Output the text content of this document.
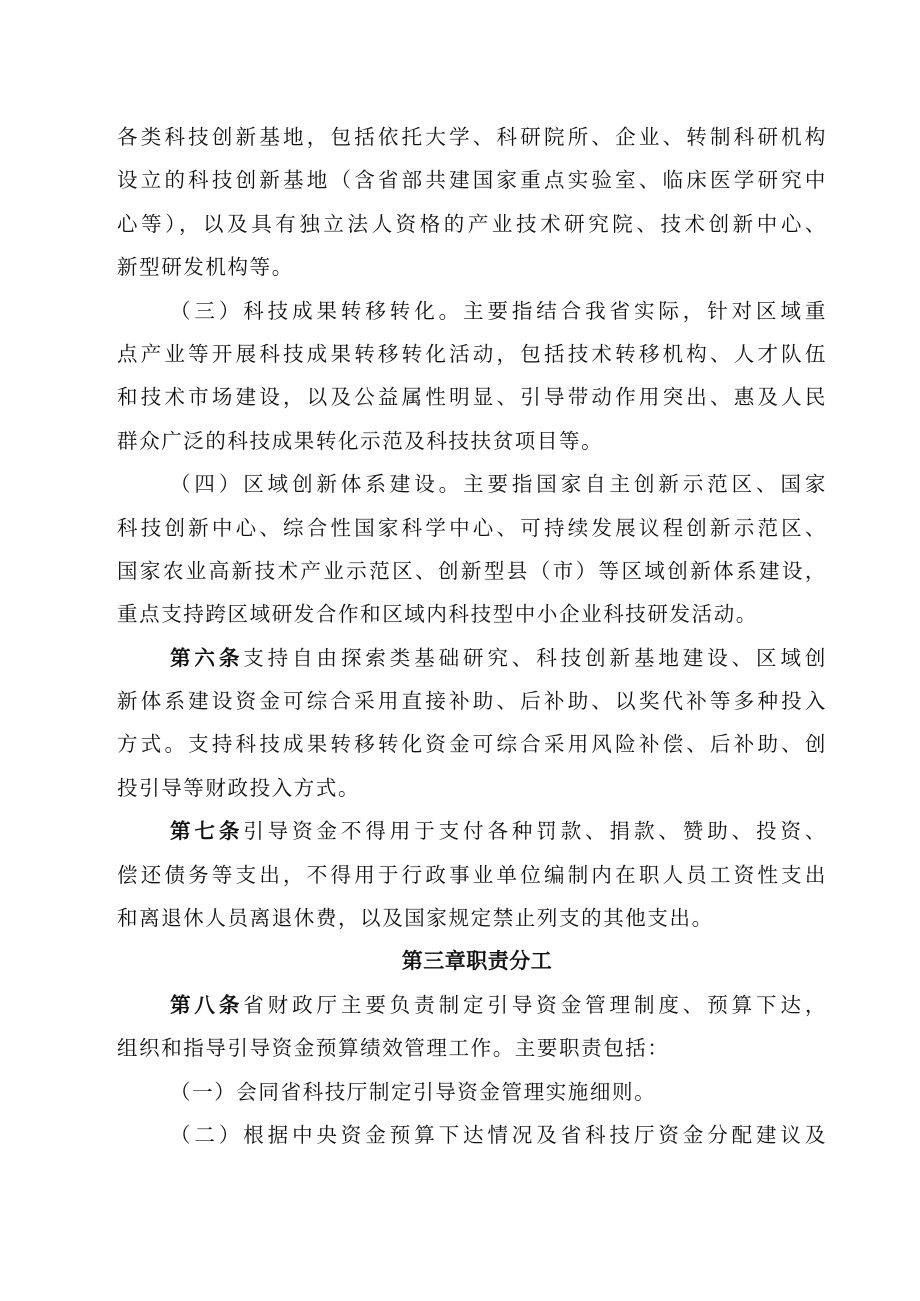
各类科技创新基地，包括依托大学、科研院所、企业、转制科研机构
设立的科技创新基地（含省部共建国家重点实验室、临床医学研究中
心等），以及具有独立法人资格的产业技术研究院、技术创新中心、
新型研发机构等。
（三）科技成果转移转化。主要指结合我省实际，针对区域重
点产业等开展科技成果转移转化活动，包括技术转移机构、人才队伍
和技术市场建设，以及公益属性明显、引导带动作用突出、惠及人民
群众广泛的科技成果转化示范及科技扶贫项目等。
（四）区域创新体系建设。主要指国家自主创新示范区、国家
科技创新中心、综合性国家科学中心、可持续发展议程创新示范区、
国家农业高新技术产业示范区、创新型县（市）等区域创新体系建设，
重点支持跨区域研发合作和区域内科技型中小企业科技研发活动。
第六条支持自由探索类基础研究、科技创新基地建设、区域创
新体系建设资金可综合采用直接补助、后补助、以奖代补等多种投入
方式。支持科技成果转移转化资金可综合采用风险补偿、后补助、创
投引导等财政投入方式。
第七条引导资金不得用于支付各种罚款、捐款、赞助、投资、
偿还债务等支出，不得用于行政事业单位编制内在职人员工资性支出
和离退休人员离退休费，以及国家规定禁止列支的其他支出。
第三章职责分工
第八条省财政厅主要负责制定引导资金管理制度、预算下达，
组织和指导引导资金预算绩效管理工作。主要职责包括：
（一）会同省科技厅制定引导资金管理实施细则。
（二）根据中央资金预算下达情况及省科技厅资金分配建议及
